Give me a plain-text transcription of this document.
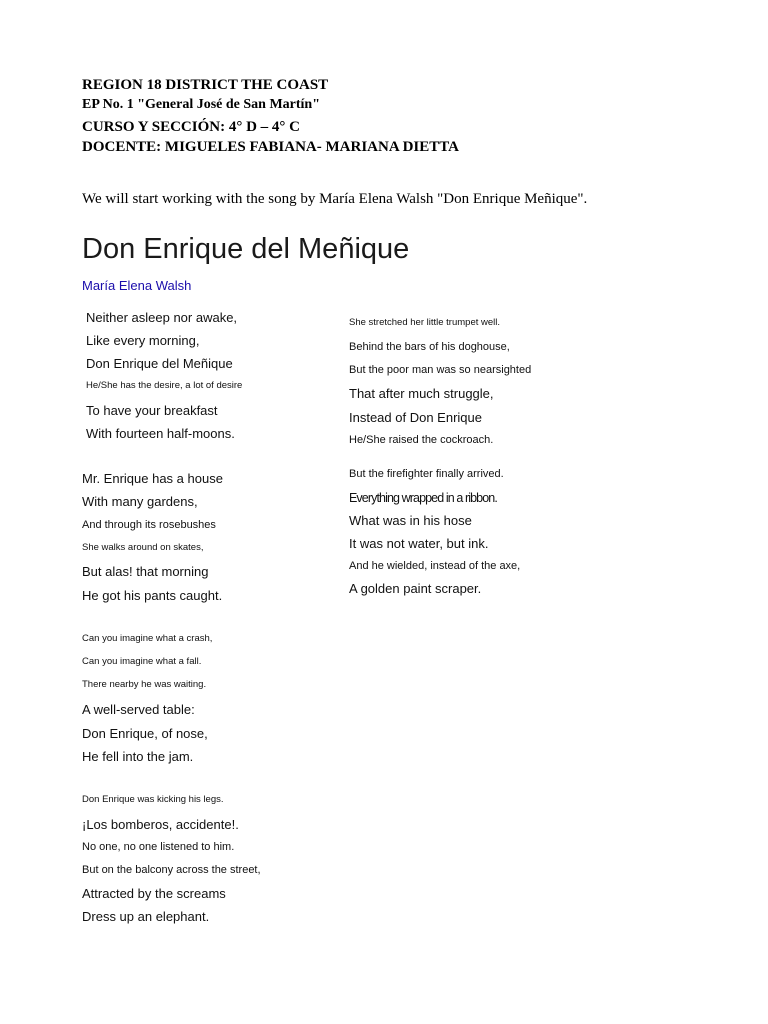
REGION 18 DISTRICT THE COAST

EP No. 1 "General José de San Martín"

CURSO Y SECCIÓN: 4° D – 4° C

DOCENTE: MIGUELES FABIANA- MARIANA DIETTA

We will start working with the song by María Elena Walsh "Don Enrique Meñique".

Don Enrique del Meñique

María Elena Walsh

Neither asleep nor awake,

Like every morning,

Don Enrique del Meñique

He/She has the desire, a lot of desire

To have your breakfast

With fourteen half-moons.

Mr. Enrique has a house

With many gardens,

And through its rosebushes

She walks around on skates,

But alas! that morning

He got his pants caught.

Can you imagine what a crash,

Can you imagine what a fall.

There nearby he was waiting.

A well-served table:

Don Enrique, of nose,

He fell into the jam.

Don Enrique was kicking his legs.

¡Los bomberos, accidente!.

No one, no one listened to him.

But on the balcony across the street,

Attracted by the screams

Dress up an elephant.

She stretched her little trumpet well.

Behind the bars of his doghouse,

But the poor man was so nearsighted

That after much struggle,

Instead of Don Enrique

He/She raised the cockroach.

But the firefighter finally arrived.

Everything wrapped in a ribbon.

What was in his hose

It was not water, but ink.

And he wielded, instead of the axe,

A golden paint scraper.
